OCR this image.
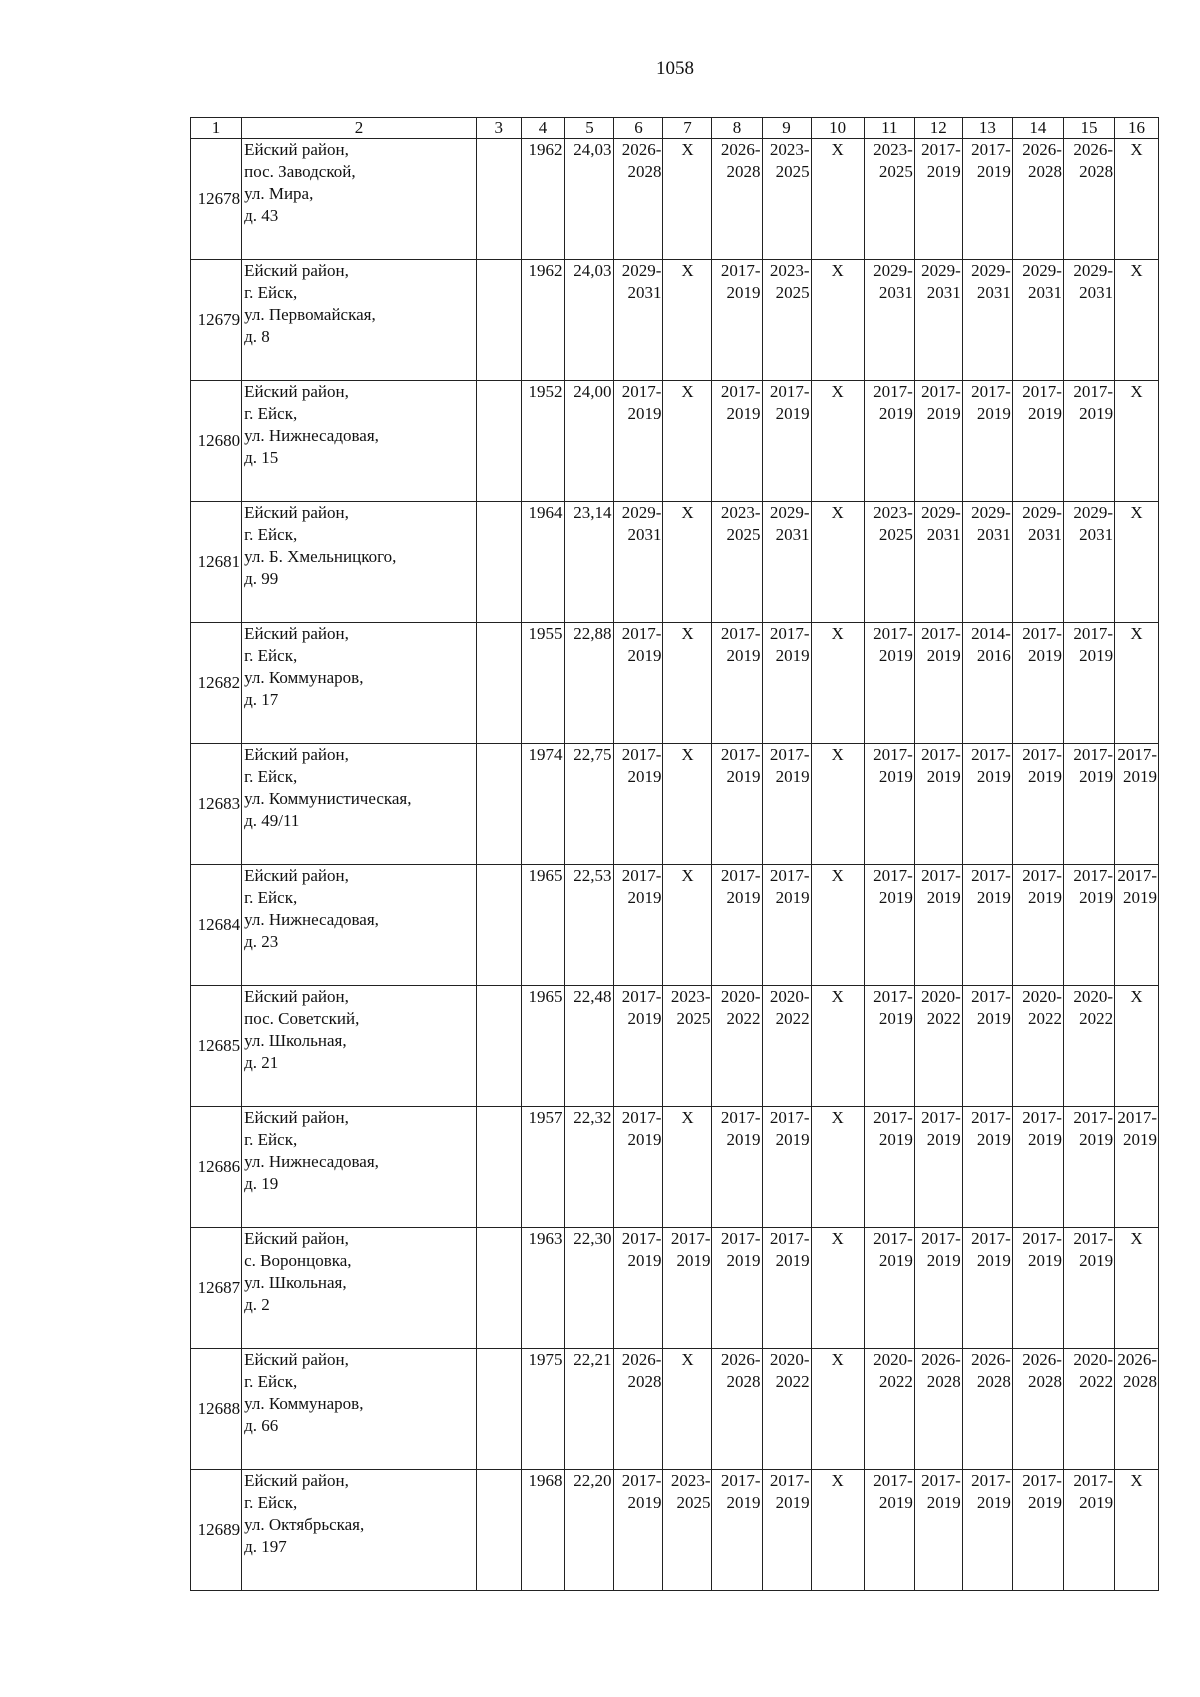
1058
1	2	3	4	5	6	7	8	9	10	11	12	13	14	15	16
12678	Ейский район,
пос. Заводской,
ул. Мира,
д. 43		1962	24,03	2026-
2028	X	2026-
2028	2023-
2025	X	2023-
2025	2017-
2019	2017-
2019	2026-
2028	2026-
2028	X
12679	Ейский район,
г. Ейск,
ул. Первомайская,
д. 8		1962	24,03	2029-
2031	X	2017-
2019	2023-
2025	X	2029-
2031	2029-
2031	2029-
2031	2029-
2031	2029-
2031	X
12680	Ейский район,
г. Ейск,
ул. Нижнесадовая,
д. 15		1952	24,00	2017-
2019	X	2017-
2019	2017-
2019	X	2017-
2019	2017-
2019	2017-
2019	2017-
2019	2017-
2019	X
12681	Ейский район,
г. Ейск,
ул. Б. Хмельницкого,
д. 99		1964	23,14	2029-
2031	X	2023-
2025	2029-
2031	X	2023-
2025	2029-
2031	2029-
2031	2029-
2031	2029-
2031	X
12682	Ейский район,
г. Ейск,
ул. Коммунаров,
д. 17		1955	22,88	2017-
2019	X	2017-
2019	2017-
2019	X	2017-
2019	2017-
2019	2014-
2016	2017-
2019	2017-
2019	X
12683	Ейский район,
г. Ейск,
ул. Коммунистическая,
д. 49/11		1974	22,75	2017-
2019	X	2017-
2019	2017-
2019	X	2017-
2019	2017-
2019	2017-
2019	2017-
2019	2017-
2019	2017-
2019

12684	Ейский район,
г. Ейск,
ул. Нижнесадовая,
д. 23		1965	22,53	2017-
2019	X	2017-
2019	2017-
2019	X	2017-
2019	2017-
2019	2017-
2019	2017-
2019	2017-
2019	2017-
2019

12685	Ейский район,
пос. Советский,
ул. Школьная,
д. 21		1965	22,48	2017-
2019	2023-
2025	2020-
2022	2020-
2022	X	2017-
2019	2020-
2022	2017-
2019	2020-
2022	2020-
2022	X
12686	Ейский район,
г. Ейск,
ул. Нижнесадовая,
д. 19		1957	22,32	2017-
2019	X	2017-
2019	2017-
2019	X	2017-
2019	2017-
2019	2017-
2019	2017-
2019	2017-
2019	2017-
2019

12687	Ейский район,
с. Воронцовка,
ул. Школьная,
д. 2		1963	22,30	2017-
2019	2017-
2019	2017-
2019	2017-
2019	X	2017-
2019	2017-
2019	2017-
2019	2017-
2019	2017-
2019	X
12688	Ейский район,
г. Ейск,
ул. Коммунаров,
д. 66		1975	22,21	2026-
2028	X	2026-
2028	2020-
2022	X	2020-
2022	2026-
2028	2026-
2028	2026-
2028	2020-
2022	2026-
2028

12689	Ейский район,
г. Ейск,
ул. Октябрьская,
д. 197		1968	22,20	2017-
2019	2023-
2025	2017-
2019	2017-
2019	X	2017-
2019	2017-
2019	2017-
2019	2017-
2019	2017-
2019	X
